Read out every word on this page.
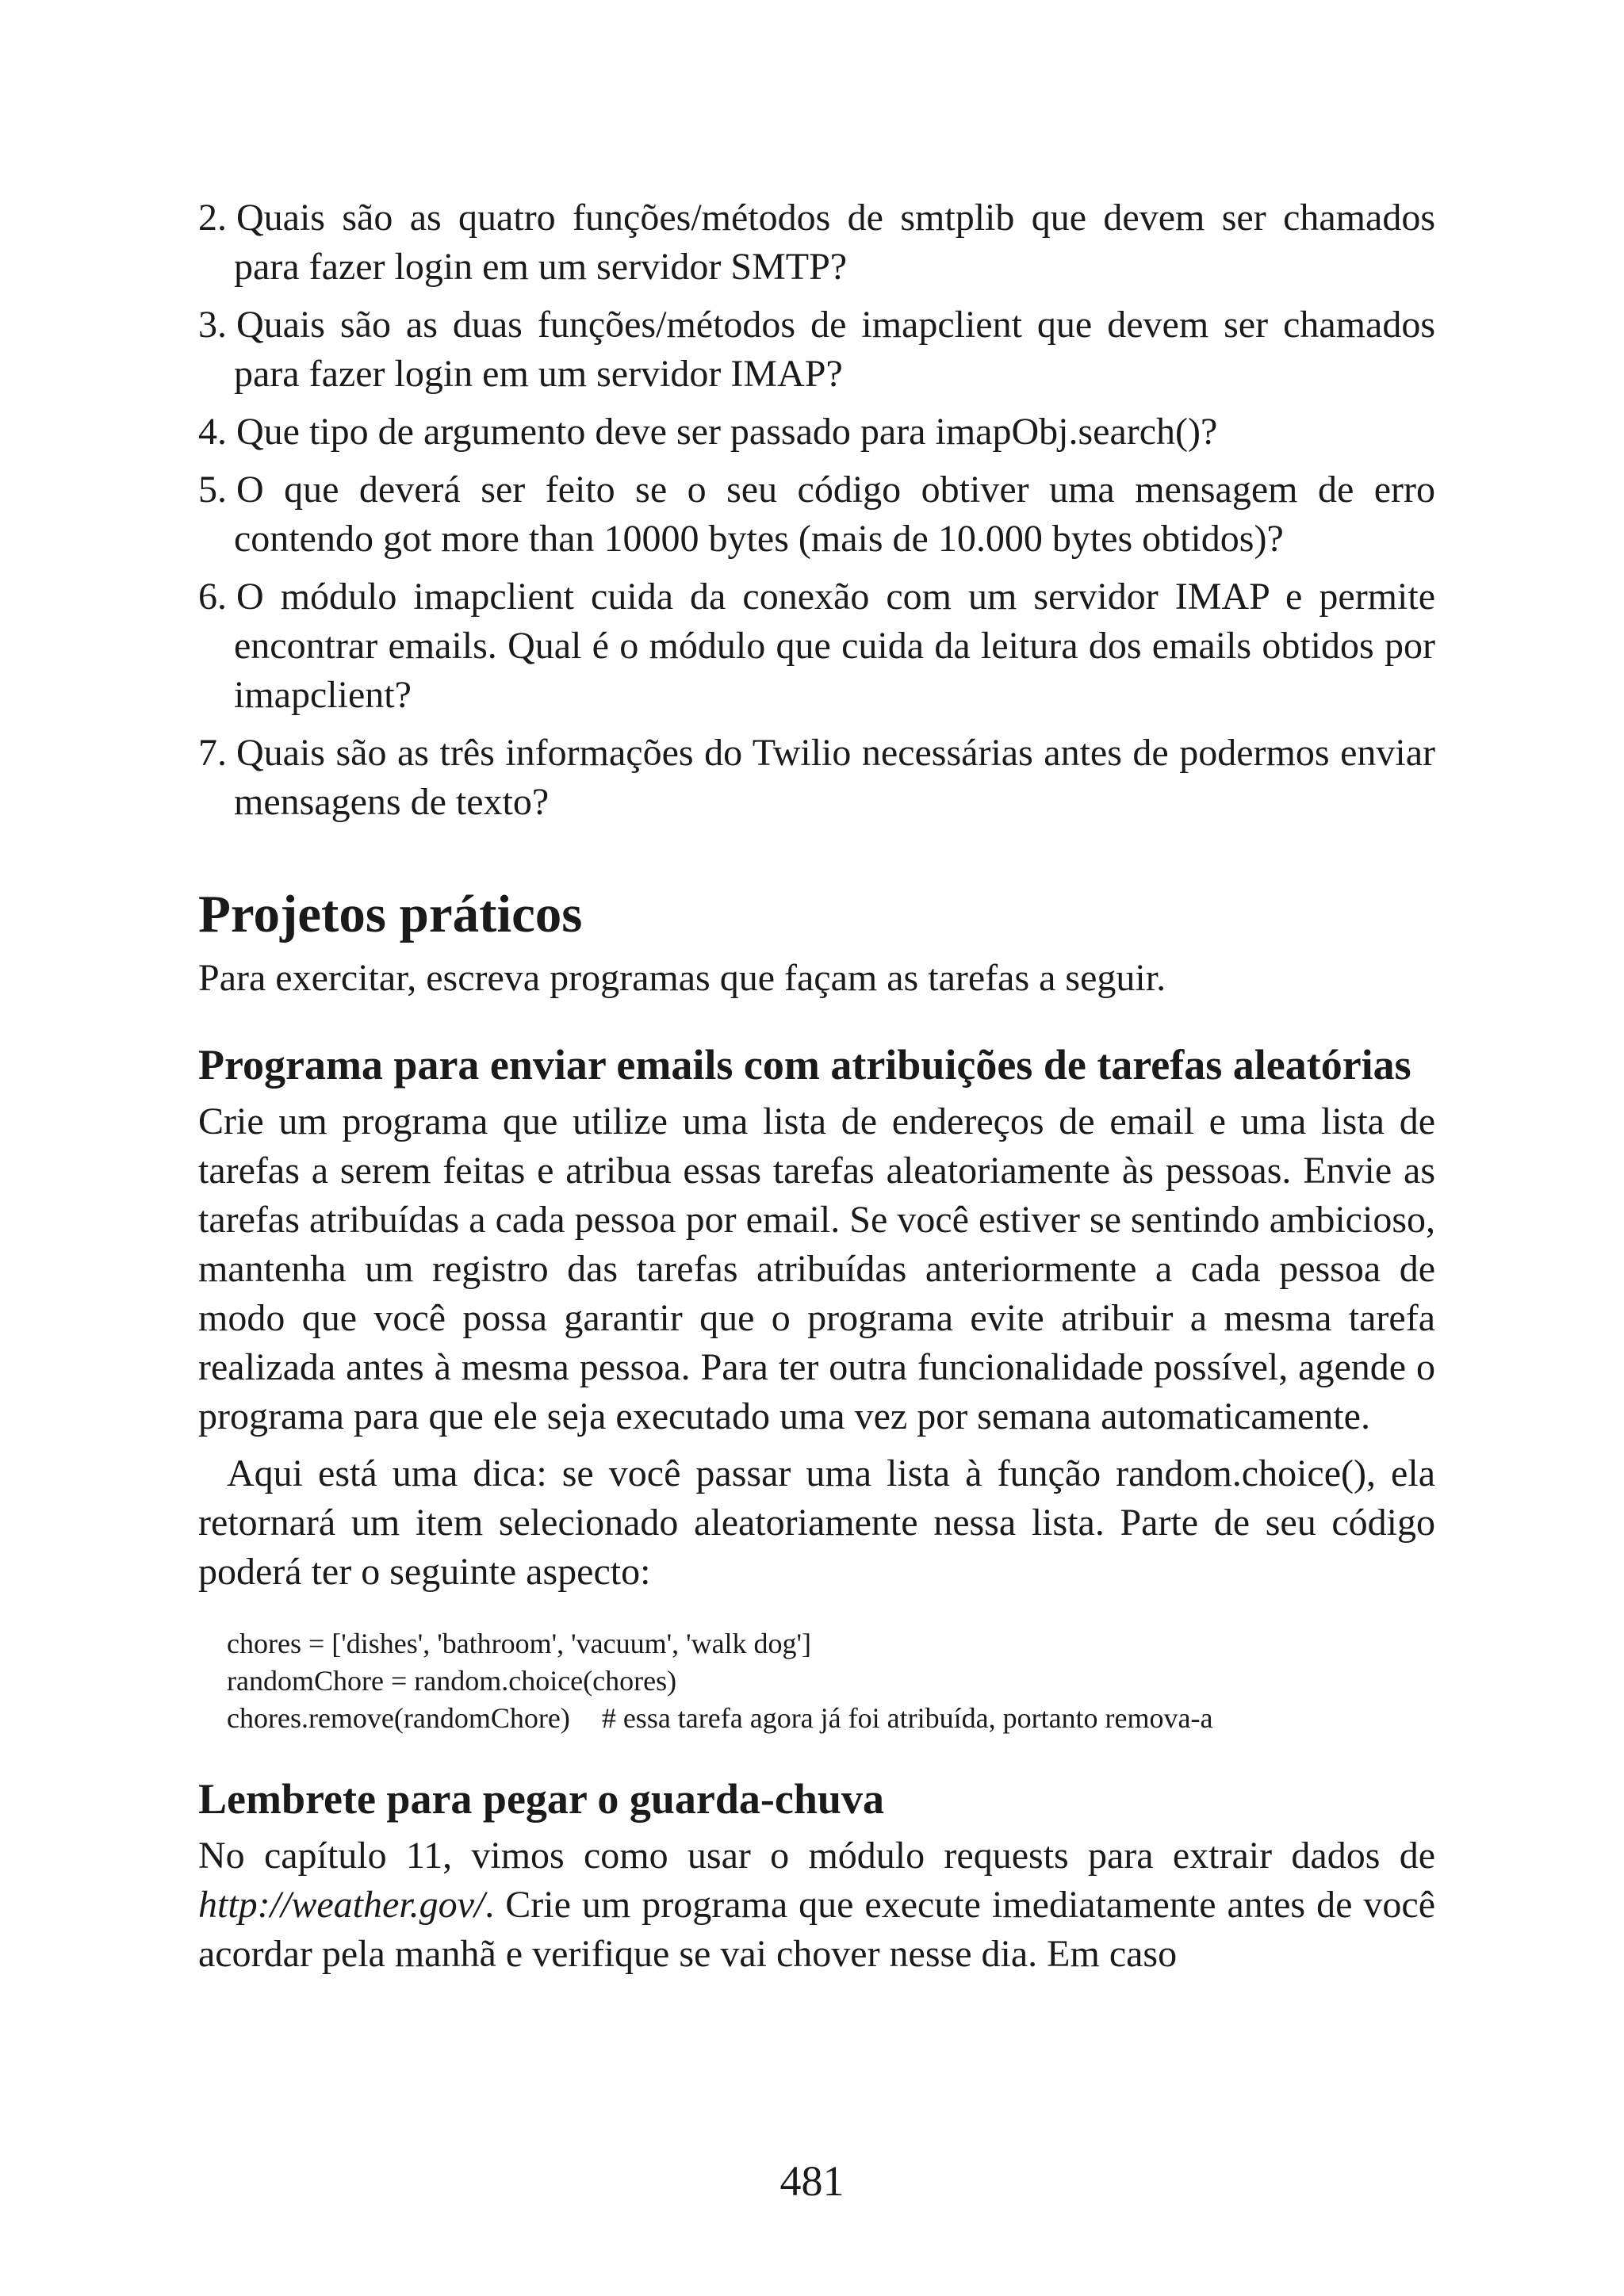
2. Quais são as quatro funções/métodos de smtplib que devem ser chamados para fazer login em um servidor SMTP?
3. Quais são as duas funções/métodos de imapclient que devem ser chamados para fazer login em um servidor IMAP?
4. Que tipo de argumento deve ser passado para imapObj.search()?
5. O que deverá ser feito se o seu código obtiver uma mensagem de erro contendo got more than 10000 bytes (mais de 10.000 bytes obtidos)?
6. O módulo imapclient cuida da conexão com um servidor IMAP e permite encontrar emails. Qual é o módulo que cuida da leitura dos emails obtidos por imapclient?
7. Quais são as três informações do Twilio necessárias antes de podermos enviar mensagens de texto?
Projetos práticos

Para exercitar, escreva programas que façam as tarefas a seguir.

Programa para enviar emails com atribuições de tarefas aleatórias

Crie um programa que utilize uma lista de endereços de email e uma lista de tarefas a serem feitas e atribua essas tarefas aleatoriamente às pessoas. Envie as tarefas atribuídas a cada pessoa por email. Se você estiver se sentindo ambicioso, mantenha um registro das tarefas atribuídas anteriormente a cada pessoa de modo que você possa garantir que o programa evite atribuir a mesma tarefa realizada antes à mesma pessoa. Para ter outra funcionalidade possível, agende o programa para que ele seja executado uma vez por semana automaticamente.

Aqui está uma dica: se você passar uma lista à função random.choice(), ela retornará um item selecionado aleatoriamente nessa lista. Parte de seu código poderá ter o seguinte aspecto:

chores = ['dishes', 'bathroom', 'vacuum', 'walk dog']
randomChore = random.choice(chores)
chores.remove(randomChore) # essa tarefa agora já foi atribuída, portanto remova-a
Lembrete para pegar o guarda-chuva

No capítulo 11, vimos como usar o módulo requests para extrair dados de http://weather.gov/. Crie um programa que execute imediatamente antes de você acordar pela manhã e verifique se vai chover nesse dia. Em caso

481
